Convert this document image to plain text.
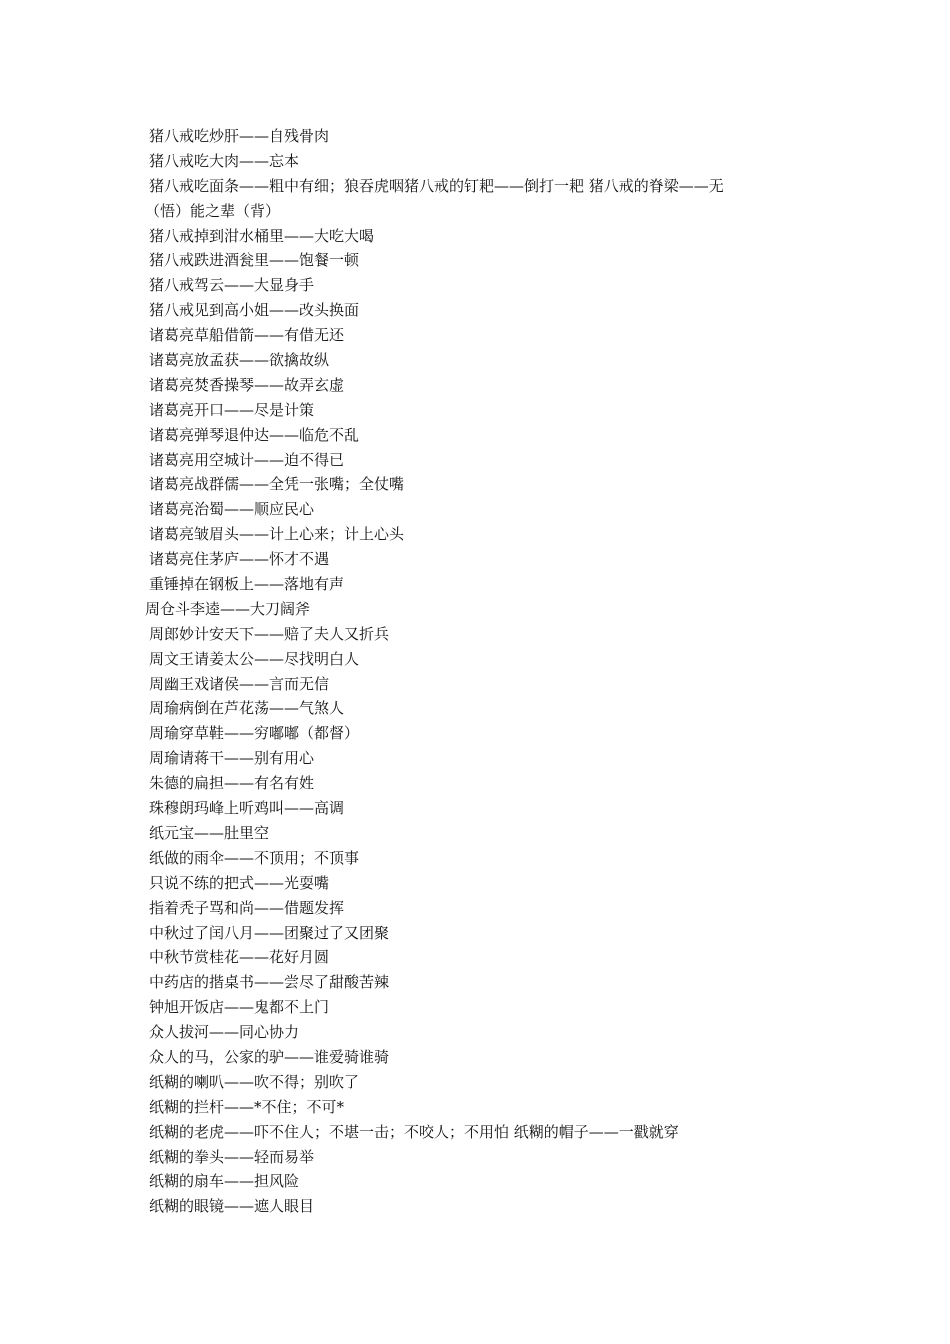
猪八戒吃炒肝——自残骨肉
猪八戒吃大肉——忘本
猪八戒吃面条——粗中有细；狼吞虎咽猪八戒的钉耙——倒打一耙 猪八戒的脊梁——无
（悟）能之辈（背）
猪八戒掉到泔水桶里——大吃大喝
猪八戒跌进酒瓮里——饱餐一顿
猪八戒驾云——大显身手
猪八戒见到高小姐——改头换面
诸葛亮草船借箭——有借无还
诸葛亮放孟获——欲擒故纵
诸葛亮焚香操琴——故弄玄虚
诸葛亮开口——尽是计策
诸葛亮弹琴退仲达——临危不乱
诸葛亮用空城计——迫不得已
诸葛亮战群儒——全凭一张嘴；全仗嘴
诸葛亮治蜀——顺应民心
诸葛亮皱眉头——计上心来；计上心头
诸葛亮住茅庐——怀才不遇
重锤掉在钢板上——落地有声
周仓斗李逵——大刀阔斧
周郎妙计安天下——赔了夫人又折兵
周文王请姜太公——尽找明白人
周幽王戏诸侯——言而无信
周瑜病倒在芦花荡——气煞人
周瑜穿草鞋——穷嘟嘟（都督）
周瑜请蒋干——别有用心
朱德的扁担——有名有姓
珠穆朗玛峰上听鸡叫——高调
纸元宝——肚里空
纸做的雨伞——不顶用；不顶事
只说不练的把式——光耍嘴
指着秃子骂和尚——借题发挥
中秋过了闰八月——团聚过了又团聚
中秋节赏桂花——花好月圆
中药店的揩桌书——尝尽了甜酸苦辣
钟旭开饭店——鬼都不上门
众人拔河——同心协力
众人的马，公家的驴——谁爱骑谁骑
纸糊的喇叭——吹不得；别吹了
纸糊的拦杆——*不住；不可*
纸糊的老虎——吓不住人；不堪一击；不咬人；不用怕 纸糊的帽子——一戳就穿
纸糊的拳头——轻而易举
纸糊的扇车——担风险
纸糊的眼镜——遮人眼目
